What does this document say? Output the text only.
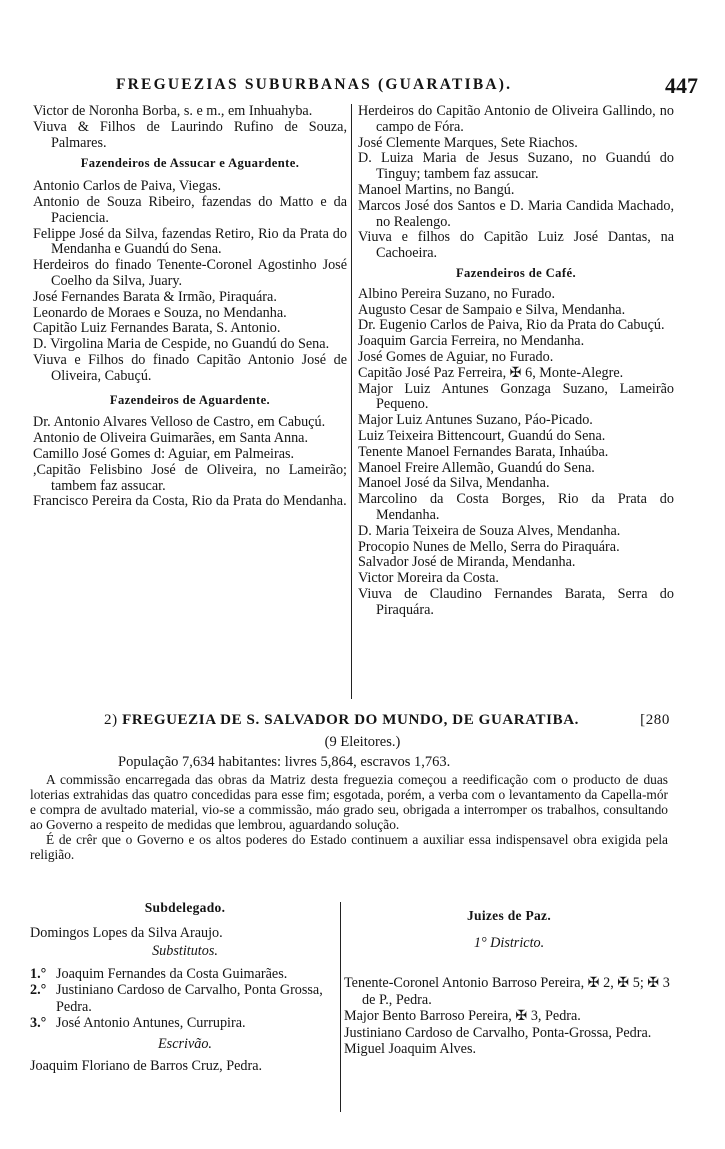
FREGUEZIAS SUBURBANAS (GUARATIBA).	447

Victor de Noronha Borba, s. e m., em Inhuahyba.

Viuva & Filhos de Laurindo Rufino de Souza, Palmares.

Fazendeiros de Assucar e Aguardente.

Antonio Carlos de Paiva, Viegas.

Antonio de Souza Ribeiro, fazendas do Matto e da Paciencia.

Felippe José da Silva, fazendas Retiro, Rio da Prata do Mendanha e Guandú do Sena.

Herdeiros do finado Tenente-Coronel Agostinho José Coelho da Silva, Juary.

José Fernandes Barata & Irmão, Piraquára.

Leonardo de Moraes e Souza, no Mendanha.

Capitão Luiz Fernandes Barata, S. Antonio.

D. Virgolina Maria de Cespide, no Guandú do Sena.

Viuva e Filhos do finado Capitão Antonio José de Oliveira, Cabuçú.

Fazendeiros de Aguardente.

Dr. Antonio Alvares Velloso de Castro, em Cabuçú.

Antonio de Oliveira Guimarães, em Santa Anna.

Camillo José Gomes d: Aguiar, em Palmeiras.

,Capitão Felisbino José de Oliveira, no Lameirão; tambem faz assucar.

Francisco Pereira da Costa, Rio da Prata do Mendanha.

Herdeiros do Capitão Antonio de Oliveira Gallindo, no campo de Fóra.

José Clemente Marques, Sete Riachos.

D. Luiza Maria de Jesus Suzano, no Guandú do Tinguy; tambem faz assucar.

Manoel Martins, no Bangú.

Marcos José dos Santos e D. Maria Candida Machado, no Realengo.

Viuva e filhos do Capitão Luiz José Dantas, na Cachoeira.

Fazendeiros de Café.

Albino Pereira Suzano, no Furado.

Augusto Cesar de Sampaio e Silva, Mendanha.

Dr. Eugenio Carlos de Paiva, Rio da Prata do Cabuçú.

Joaquim Garcia Ferreira, no Mendanha.

José Gomes de Aguiar, no Furado.

Capitão José Paz Ferreira, ✠ 6, Monte-Alegre.

Major Luiz Antunes Gonzaga Suzano, Lameirão Pequeno.

Major Luiz Antunes Suzano, Páo-Picado.

Luiz Teixeira Bittencourt, Guandú do Sena.

Tenente Manoel Fernandes Barata, Inhaúba.

Manoel Freire Allemão, Guandú do Sena.

Manoel José da Silva, Mendanha.

Marcolino da Costa Borges, Rio da Prata do Mendanha.

D. Maria Teixeira de Souza Alves, Mendanha.

Procopio Nunes de Mello, Serra do Piraquára.

Salvador José de Miranda, Mendanha.

Victor Moreira da Costa.

Viuva de Claudino Fernandes Barata, Serra do Piraquára.

2) FREGUEZIA DE S. SALVADOR DO MUNDO, DE GUARATIBA.	[280
(9 Eleitores.)
População 7,634 habitantes: livres 5,864, escravos 1,763.

A commissão encarregada das obras da Matriz desta freguezia começou a reedificação com o producto de duas loterias extrahidas das quatro concedidas para esse fim; esgotada, porém, a verba com o levantamento da Capella-mór e compra de avultado material, vio-se a commissão, máo grado seu, obrigada a interromper os trabalhos, consultando ao Governo a respeito de medidas que lembrou, aguardando solução.

É de crêr que o Governo e os altos poderes do Estado continuem a auxiliar essa indispensavel obra exigida pela religião.

Subdelegado.
Domingos Lopes da Silva Araujo.
Substitutos.
1.° Joaquim Fernandes da Costa Guimarães.
2.° Justiniano Cardoso de Carvalho, Ponta Grossa, Pedra.
3.° José Antonio Antunes, Currupira.
Escrivão.
Joaquim Floriano de Barros Cruz, Pedra.
Juizes de Paz.
1° Districto.

Tenente-Coronel Antonio Barroso Pereira, ✠ 2, ✠ 5; ✠ 3 de P., Pedra.

Major Bento Barroso Pereira, ✠ 3, Pedra.

Justiniano Cardoso de Carvalho, Ponta-Grossa, Pedra.

Miguel Joaquim Alves.
